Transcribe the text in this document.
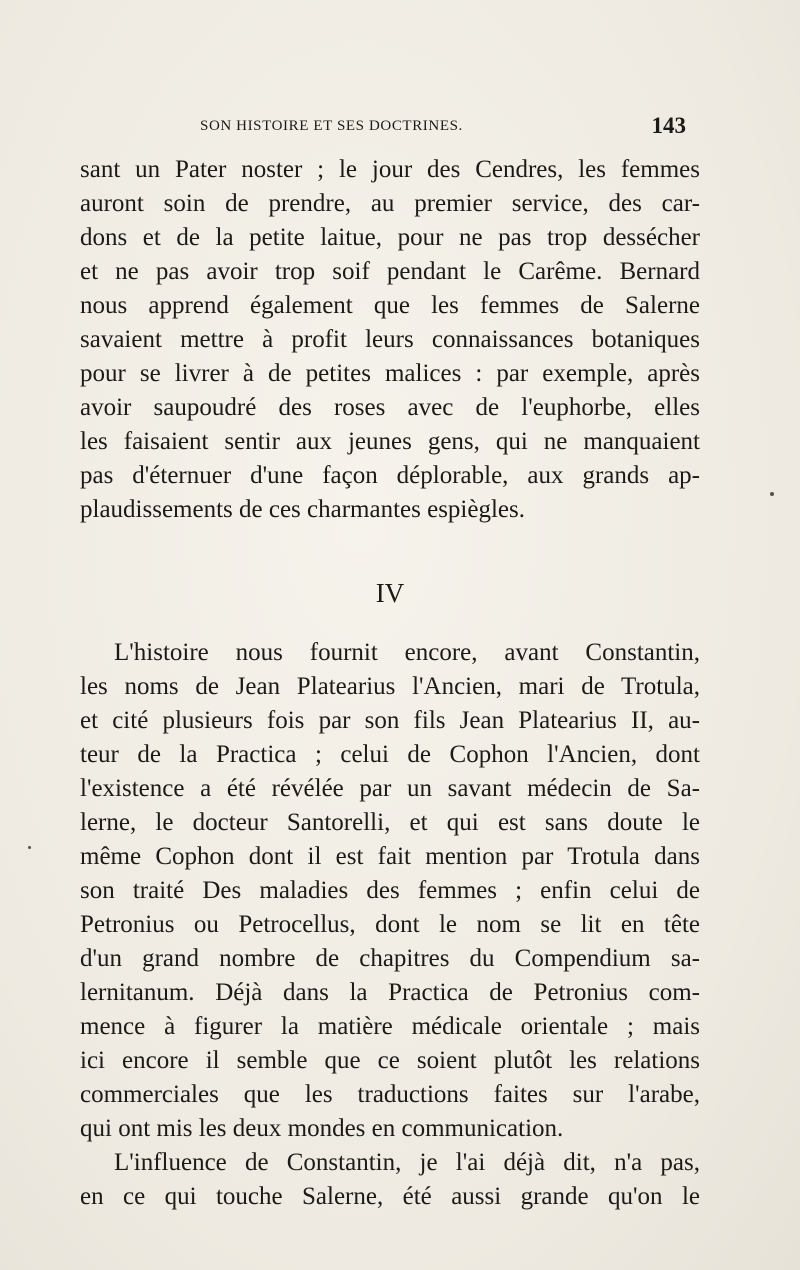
SON HISTOIRE ET SES DOCTRINES.	143
sant un Pater noster ; le jour des Cendres, les femmes
auront soin de prendre, au premier service, des car-
dons et de la petite laitue, pour ne pas trop dessécher
et ne pas avoir trop soif pendant le Carême. Bernard
nous apprend également que les femmes de Salerne
savaient mettre à profit leurs connaissances botaniques
pour se livrer à de petites malices : par exemple, après
avoir saupoudré des roses avec de l'euphorbe, elles
les faisaient sentir aux jeunes gens, qui ne manquaient
pas d'éternuer d'une façon déplorable, aux grands ap-
plaudissements de ces charmantes espiègles.
IV
L'histoire nous fournit encore, avant Constantin,
les noms de Jean Platearius l'Ancien, mari de Trotula,
et cité plusieurs fois par son fils Jean Platearius II, au-
teur de la Practica ; celui de Cophon l'Ancien, dont
l'existence a été révélée par un savant médecin de Sa-
lerne, le docteur Santorelli, et qui est sans doute le
même Cophon dont il est fait mention par Trotula dans
son traité Des maladies des femmes ; enfin celui de
Petronius ou Petrocellus, dont le nom se lit en tête
d'un grand nombre de chapitres du Compendium sa-
lernitanum. Déjà dans la Practica de Petronius com-
mence à figurer la matière médicale orientale ; mais
ici encore il semble que ce soient plutôt les relations
commerciales que les traductions faites sur l'arabe,
qui ont mis les deux mondes en communication.
L'influence de Constantin, je l'ai déjà dit, n'a pas,
en ce qui touche Salerne, été aussi grande qu'on le
